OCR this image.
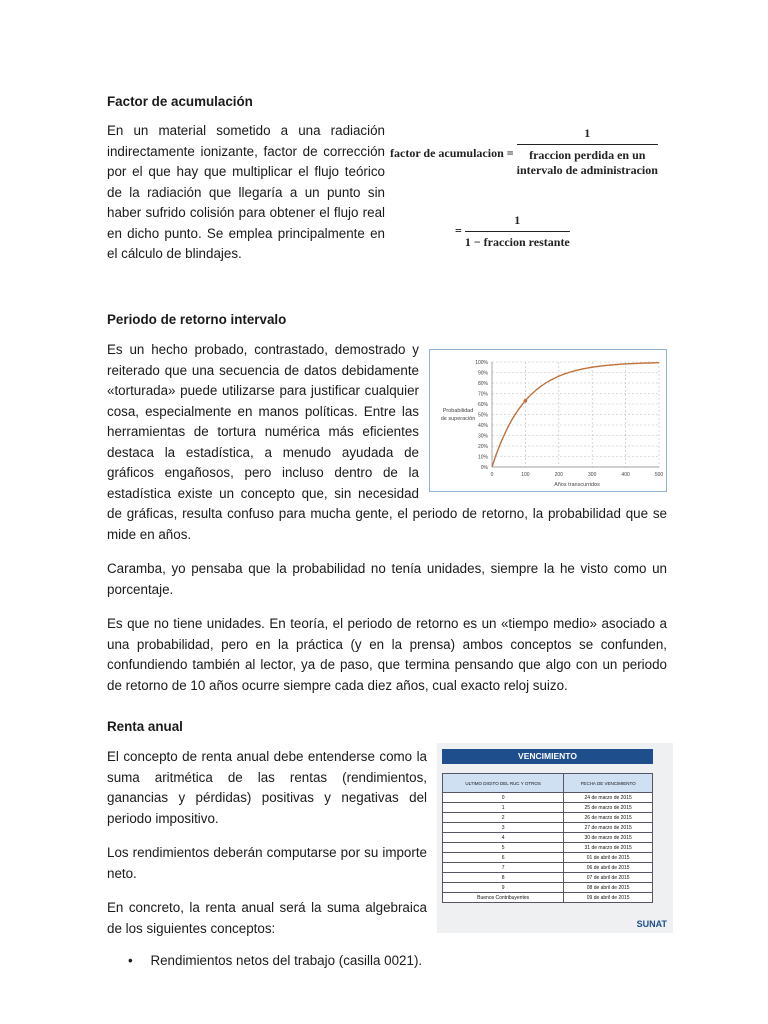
Factor de acumulación

En un material sometido a una radiación indirectamente ionizante, factor de corrección por el que hay que multiplicar el flujo teórico de la radiación que llegaría a un punto sin haber sufrido colisión para obtener el flujo real en dicho punto. Se emplea principalmente en el cálculo de blindajes.

factor de acumulacion =
1
fraccion perdida en un
intervalo de administracion
= $\frac{1}{\text{1 − fraccion restante}}$
Periodo de retorno intervalo
0%
10%
20%
30%
40%
50%
60%
70%
80%
90%
100%
0	100	200	300	400	500
Años transcurridos
Probabilidad
de superación

Es un hecho probado, contrastado, demostrado y reiterado que una secuencia de datos debidamente «torturada» puede utilizarse para justificar cualquier cosa, especialmente en manos políticas. Entre las herramientas de tortura numérica más eficientes destaca la estadística, a menudo ayudada de gráficos engañosos, pero incluso dentro de la estadística existe un concepto que, sin necesidad de gráficas, resulta confuso para mucha gente, el periodo de retorno, la probabilidad que se mide en años.

Caramba, yo pensaba que la probabilidad no tenía unidades, siempre la he visto como un porcentaje.

Es que no tiene unidades. En teoría, el periodo de retorno es un «tiempo medio» asociado a una probabilidad, pero en la práctica (y en la prensa) ambos conceptos se confunden, confundiendo también al lector, ya de paso, que termina pensando que algo con un periodo de retorno de 10 años ocurre siempre cada diez años, cual exacto reloj suizo.

Renta anual
VENCIMIENTO
ULTIMO DIGITO DEL RUC Y OTROS	FECHA DE VENCIMIENTO
0	24 de marzo de 2015
1	25 de marzo de 2015
2	26 de marzo de 2015
3	27 de marzo de 2015
4	30 de marzo de 2015
5	31 de marzo de 2015
6	01 de abril de 2015
7	06 de abril de 2015
8	07 de abril de 2015
9	08 de abril de 2015
Buenos Contribuyentes	09 de abril de 2015
SUNAT

El concepto de renta anual debe entenderse como la suma aritmética de las rentas (rendimientos, ganancias y pérdidas) positivas y negativas del periodo impositivo.

Los rendimientos deberán computarse por su importe neto.

En concreto, la renta anual será la suma algebraica de los siguientes conceptos:

• Rendimientos netos del trabajo (casilla 0021).
